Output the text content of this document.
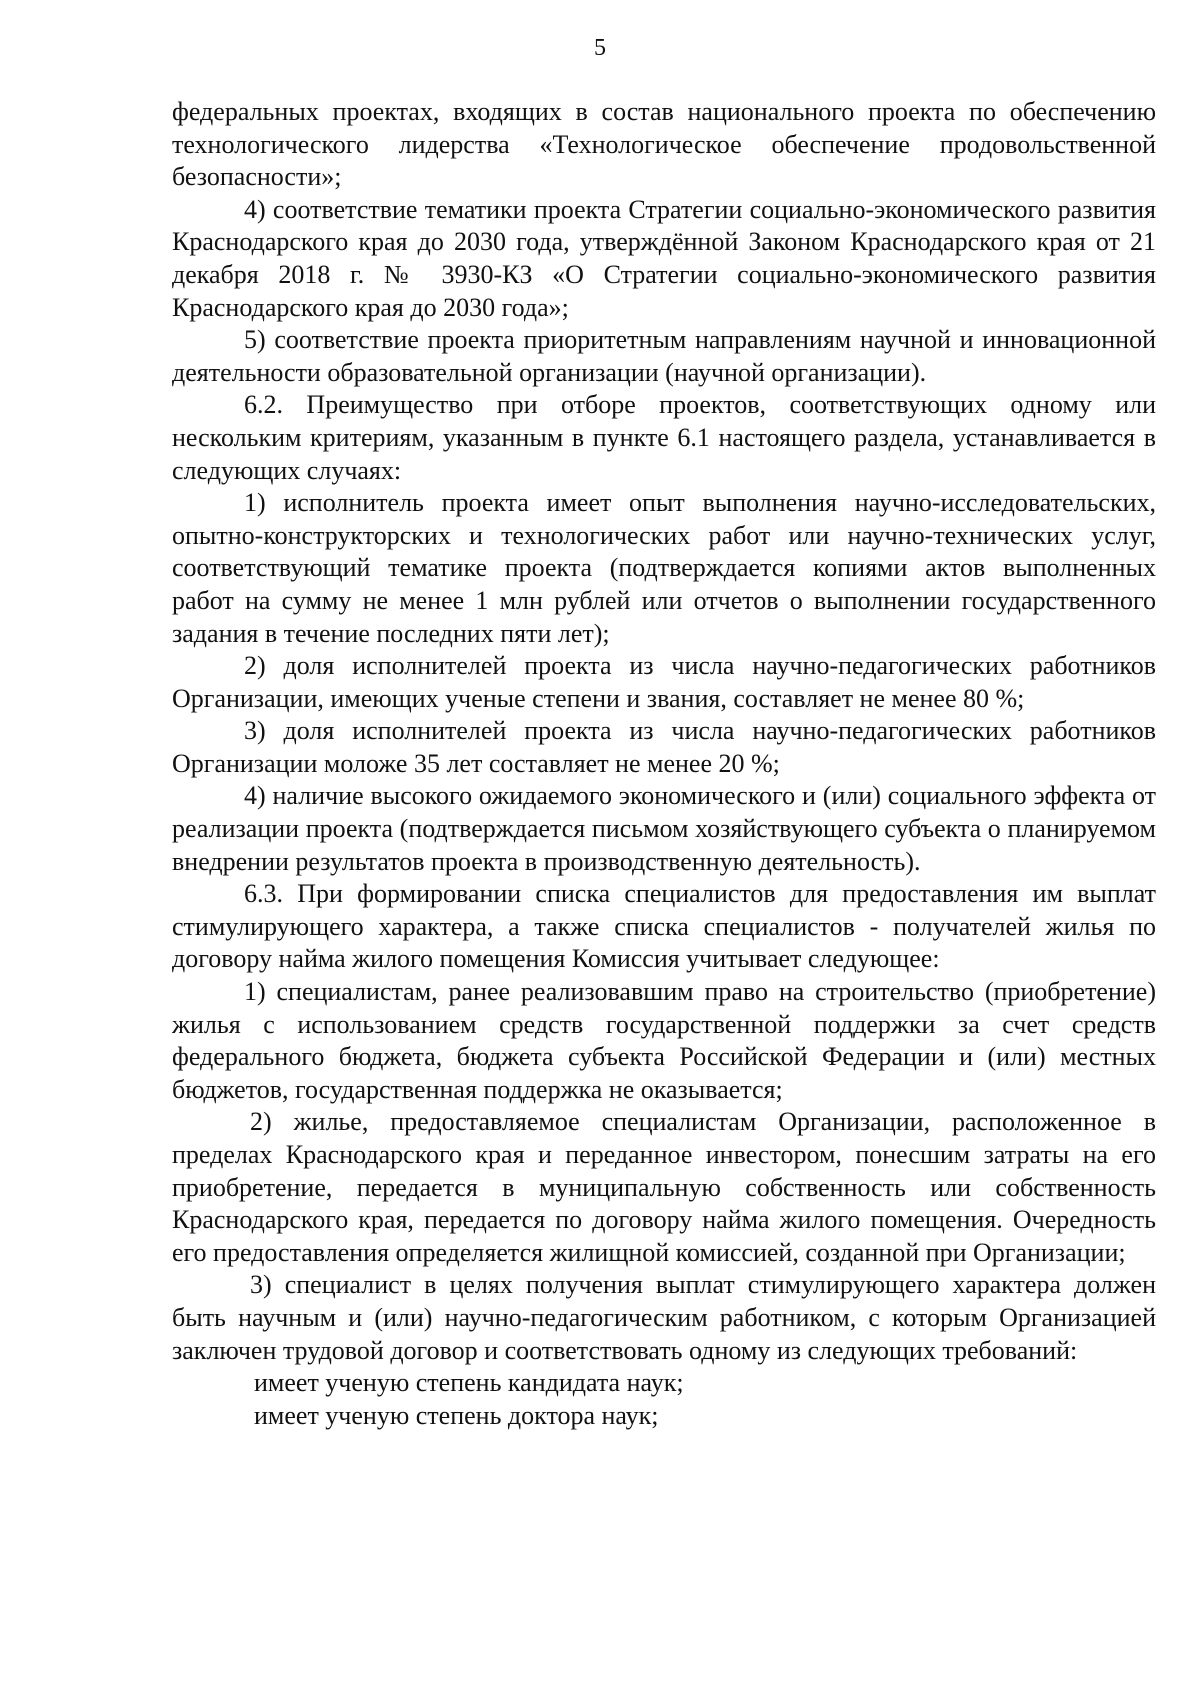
5

федеральных проектах, входящих в состав национального проекта по обеспечению технологического лидерства «Технологическое обеспечение продовольственной безопасности»;

4) соответствие тематики проекта Стратегии социально-экономического развития Краснодарского края до 2030 года, утверждённой Законом Краснодарского края от 21 декабря 2018 г. № 3930-КЗ «О Стратегии социально-экономического развития Краснодарского края до 2030 года»;

5) соответствие проекта приоритетным направлениям научной и инновационной деятельности образовательной организации (научной организации).

6.2. Преимущество при отборе проектов, соответствующих одному или нескольким критериям, указанным в пункте 6.1 настоящего раздела, устанавливается в следующих случаях:

1) исполнитель проекта имеет опыт выполнения научно-исследовательских, опытно-конструкторских и технологических работ или научно-технических услуг, соответствующий тематике проекта (подтверждается копиями актов выполненных работ на сумму не менее 1 млн рублей или отчетов о выполнении государственного задания в течение последних пяти лет);

2) доля исполнителей проекта из числа научно-педагогических работников Организации, имеющих ученые степени и звания, составляет не менее 80 %;

3) доля исполнителей проекта из числа научно-педагогических работников Организации моложе 35 лет составляет не менее 20 %;

4) наличие высокого ожидаемого экономического и (или) социального эффекта от реализации проекта (подтверждается письмом хозяйствующего субъекта о планируемом внедрении результатов проекта в производственную деятельность).

6.3. При формировании списка специалистов для предоставления им выплат стимулирующего характера, а также списка специалистов - получателей жилья по договору найма жилого помещения Комиссия учитывает следующее:

1) специалистам, ранее реализовавшим право на строительство (приобретение) жилья с использованием средств государственной поддержки за счет средств федерального бюджета, бюджета субъекта Российской Федерации и (или) местных бюджетов, государственная поддержка не оказывается;

2) жилье, предоставляемое специалистам Организации, расположенное в пределах Краснодарского края и переданное инвестором, понесшим затраты на его приобретение, передается в муниципальную собственность или собственность Краснодарского края, передается по договору найма жилого помещения. Очередность его предоставления определяется жилищной комиссией, созданной при Организации;

3) специалист в целях получения выплат стимулирующего характера должен быть научным и (или) научно-педагогическим работником, с которым Организацией заключен трудовой договор и соответствовать одному из следующих требований:

имеет ученую степень кандидата наук;

имеет ученую степень доктора наук;
